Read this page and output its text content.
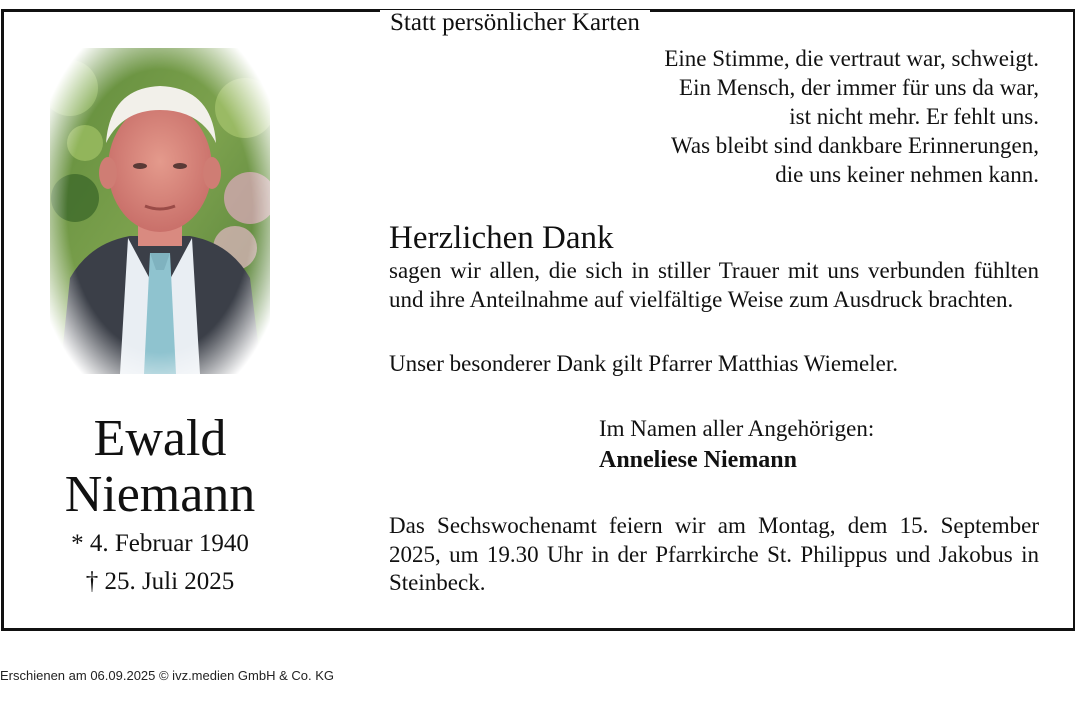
Statt persönlicher Karten
Ewald
Niemann
* 4. Februar 1940
† 25. Juli 2025
Eine Stimme, die vertraut war, schweigt.
Ein Mensch, der immer für uns da war,
ist nicht mehr. Er fehlt uns.
Was bleibt sind dankbare Erinnerungen,
die uns keiner nehmen kann.
Herzlichen Dank
sagen wir allen, die sich in stiller Trauer mit uns verbunden fühlten und ihre Anteilnahme auf vielfältige Weise zum Ausdruck brachten.
Unser besonderer Dank gilt Pfarrer Matthias Wiemeler.
Im Namen aller Angehörigen:
Anneliese Niemann
Das Sechswochenamt feiern wir am Montag, dem 15. September 2025, um 19.30 Uhr in der Pfarrkirche St. Philippus und Jakobus in Steinbeck.
Erschienen am 06.09.2025 © ivz.medien GmbH & Co. KG
